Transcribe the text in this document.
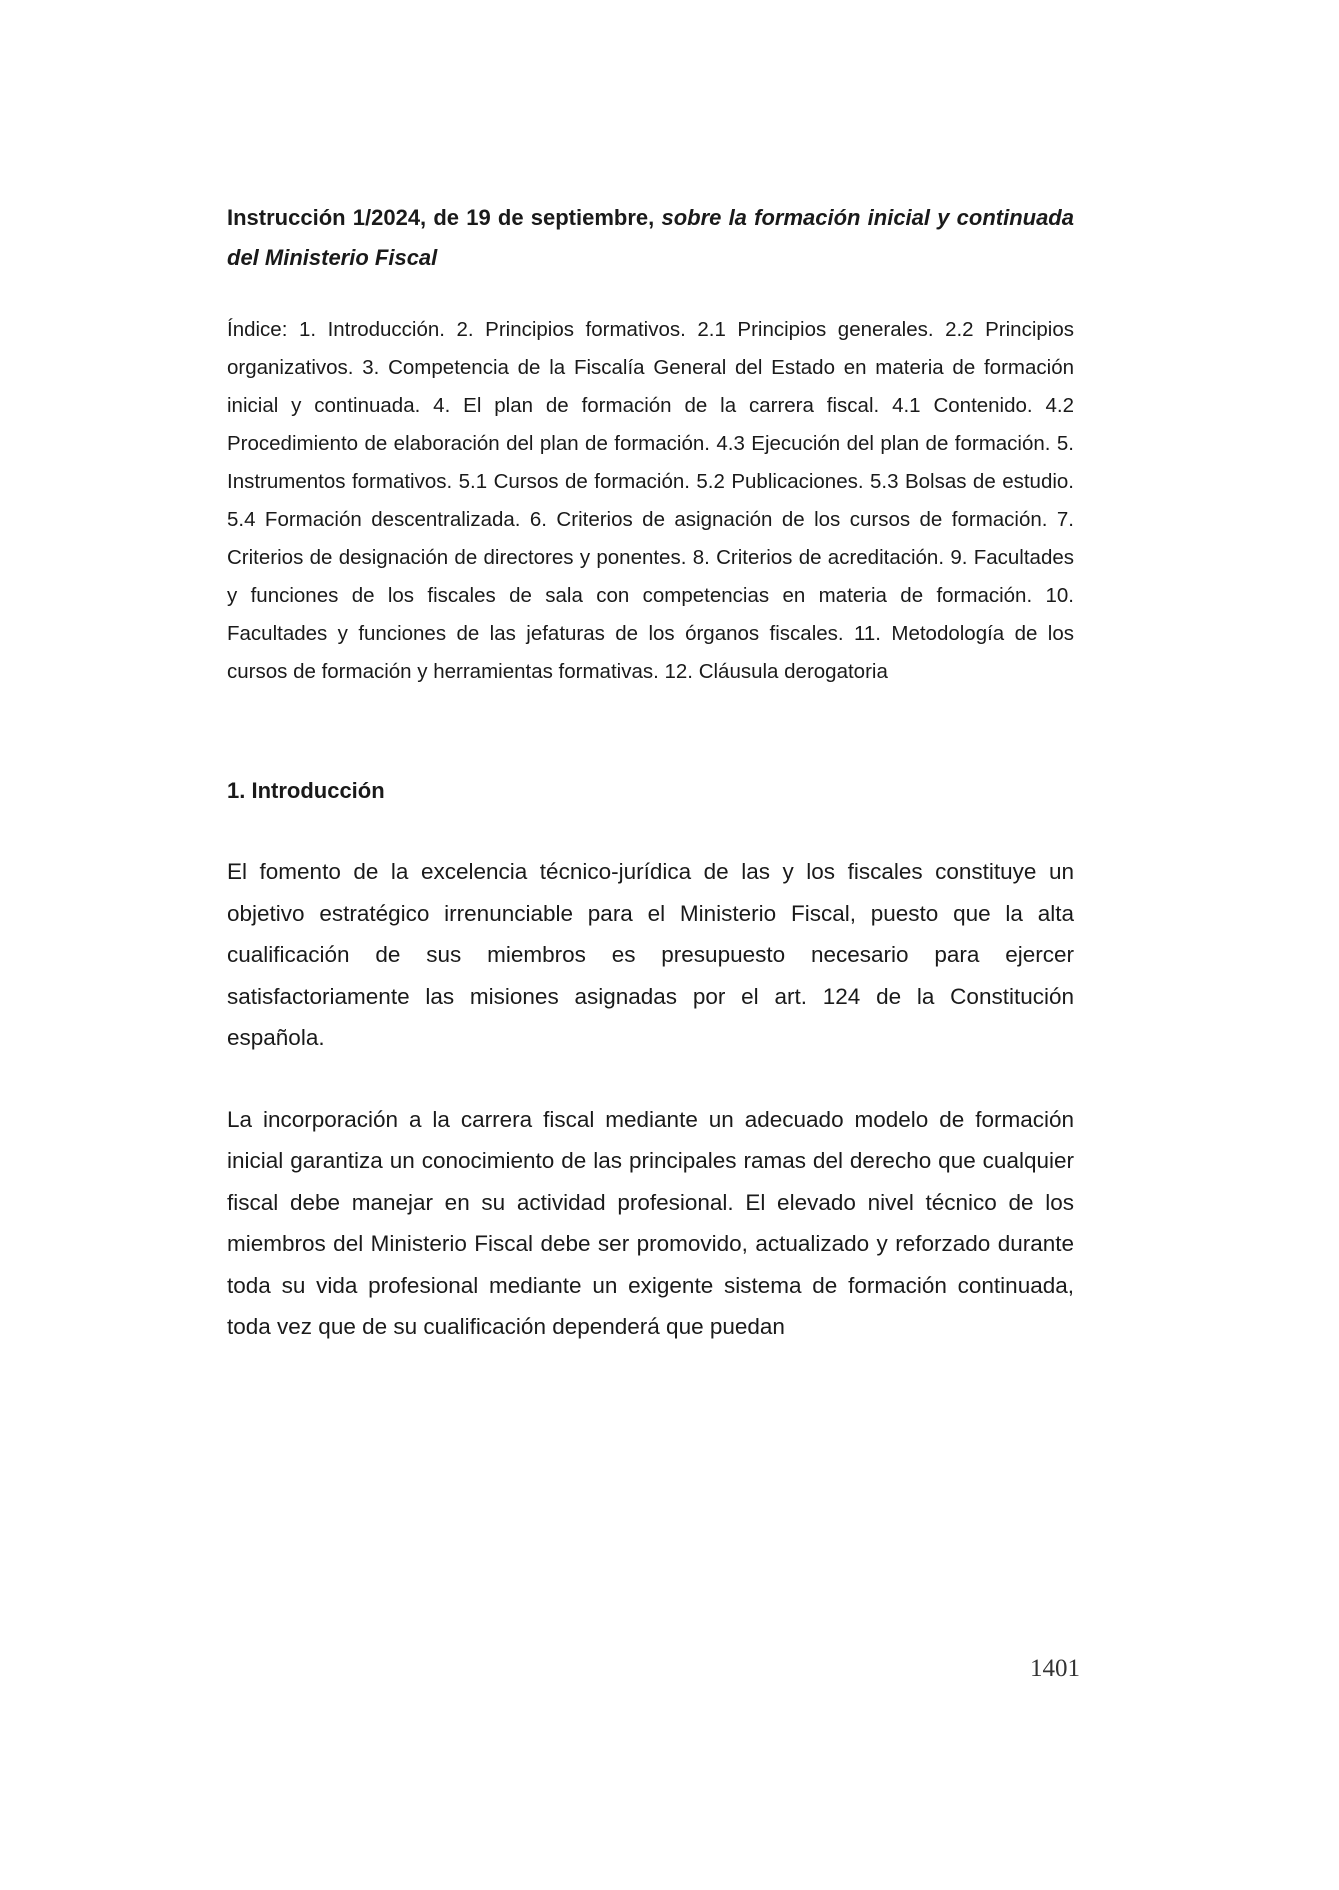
Instrucción 1/2024, de 19 de septiembre, sobre la formación inicial y continuada del Ministerio Fiscal

Índice: 1. Introducción. 2. Principios formativos. 2.1 Principios generales. 2.2 Principios organizativos. 3. Competencia de la Fiscalía General del Estado en materia de formación inicial y continuada. 4. El plan de formación de la carrera fiscal. 4.1 Contenido. 4.2 Procedimiento de elaboración del plan de formación. 4.3 Ejecución del plan de formación. 5. Instrumentos formativos. 5.1 Cursos de formación. 5.2 Publicaciones. 5.3 Bolsas de estudio. 5.4 Formación descentralizada. 6. Criterios de asignación de los cursos de formación. 7. Criterios de designación de directores y ponentes. 8. Criterios de acreditación. 9. Facultades y funciones de los fiscales de sala con competencias en materia de formación. 10. Facultades y funciones de las jefaturas de los órganos fiscales. 11. Metodología de los cursos de formación y herramientas formativas. 12. Cláusula derogatoria

1. Introducción

El fomento de la excelencia técnico-jurídica de las y los fiscales constituye un objetivo estratégico irrenunciable para el Ministerio Fiscal, puesto que la alta cualificación de sus miembros es presupuesto necesario para ejercer satisfactoriamente las misiones asignadas por el art. 124 de la Constitución española.

La incorporación a la carrera fiscal mediante un adecuado modelo de formación inicial garantiza un conocimiento de las principales ramas del derecho que cualquier fiscal debe manejar en su actividad profesional. El elevado nivel técnico de los miembros del Ministerio Fiscal debe ser promovido, actualizado y reforzado durante toda su vida profesional mediante un exigente sistema de formación continuada, toda vez que de su cualificación dependerá que puedan

1401
